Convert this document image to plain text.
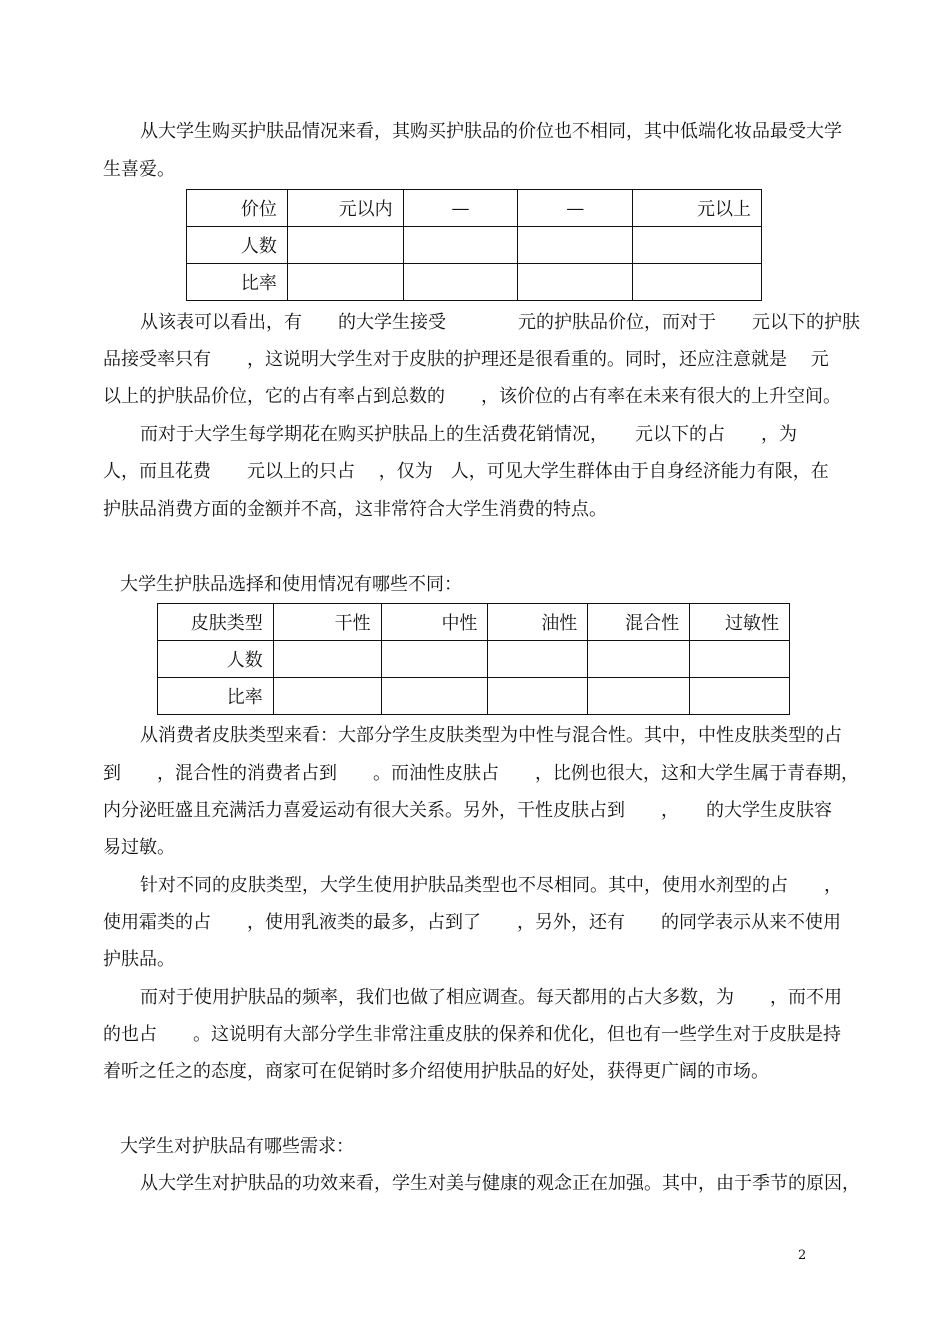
从大学生购买护肤品情况来看，其购买护肤品的价位也不相同，其中低端化妆品最受大学
生喜爱。
价位	元以内	—	—	元以上
人数				
比率				
从该表可以看出，有　　的大学生接受　　　　元的护肤品价位，而对于　　元以下的护肤
品接受率只有　　，这说明大学生对于皮肤的护理还是很看重的。同时，还应注意就是　 元
以上的护肤品价位，它的占有率占到总数的　　，该价位的占有率在未来有很大的上升空间。
而对于大学生每学期花在购买护肤品上的生活费花销情况，　　元以下的占　　，为
人，而且花费　　元以上的只占　 ，仅为　人，可见大学生群体由于自身经济能力有限，在
护肤品消费方面的金额并不高，这非常符合大学生消费的特点。
大学生护肤品选择和使用情况有哪些不同：
皮肤类型	干性	中性	油性	混合性	过敏性
人数					
比率					
从消费者皮肤类型来看：大部分学生皮肤类型为中性与混合性。其中，中性皮肤类型的占
到　　，混合性的消费者占到　　。而油性皮肤占　　，比例也很大，这和大学生属于青春期，
内分泌旺盛且充满活力喜爱运动有很大关系。另外，干性皮肤占到　　，　　的大学生皮肤容
易过敏。
针对不同的皮肤类型，大学生使用护肤品类型也不尽相同。其中，使用水剂型的占　　，
使用霜类的占　　，使用乳液类的最多，占到了　　，另外，还有　　的同学表示从来不使用
护肤品。
而对于使用护肤品的频率，我们也做了相应调查。每天都用的占大多数，为　　，而不用
的也占　　。这说明有大部分学生非常注重皮肤的保养和优化，但也有一些学生对于皮肤是持
着听之任之的态度，商家可在促销时多介绍使用护肤品的好处，获得更广阔的市场。
大学生对护肤品有哪些需求：
从大学生对护肤品的功效来看，学生对美与健康的观念正在加强。其中，由于季节的原因，
2
